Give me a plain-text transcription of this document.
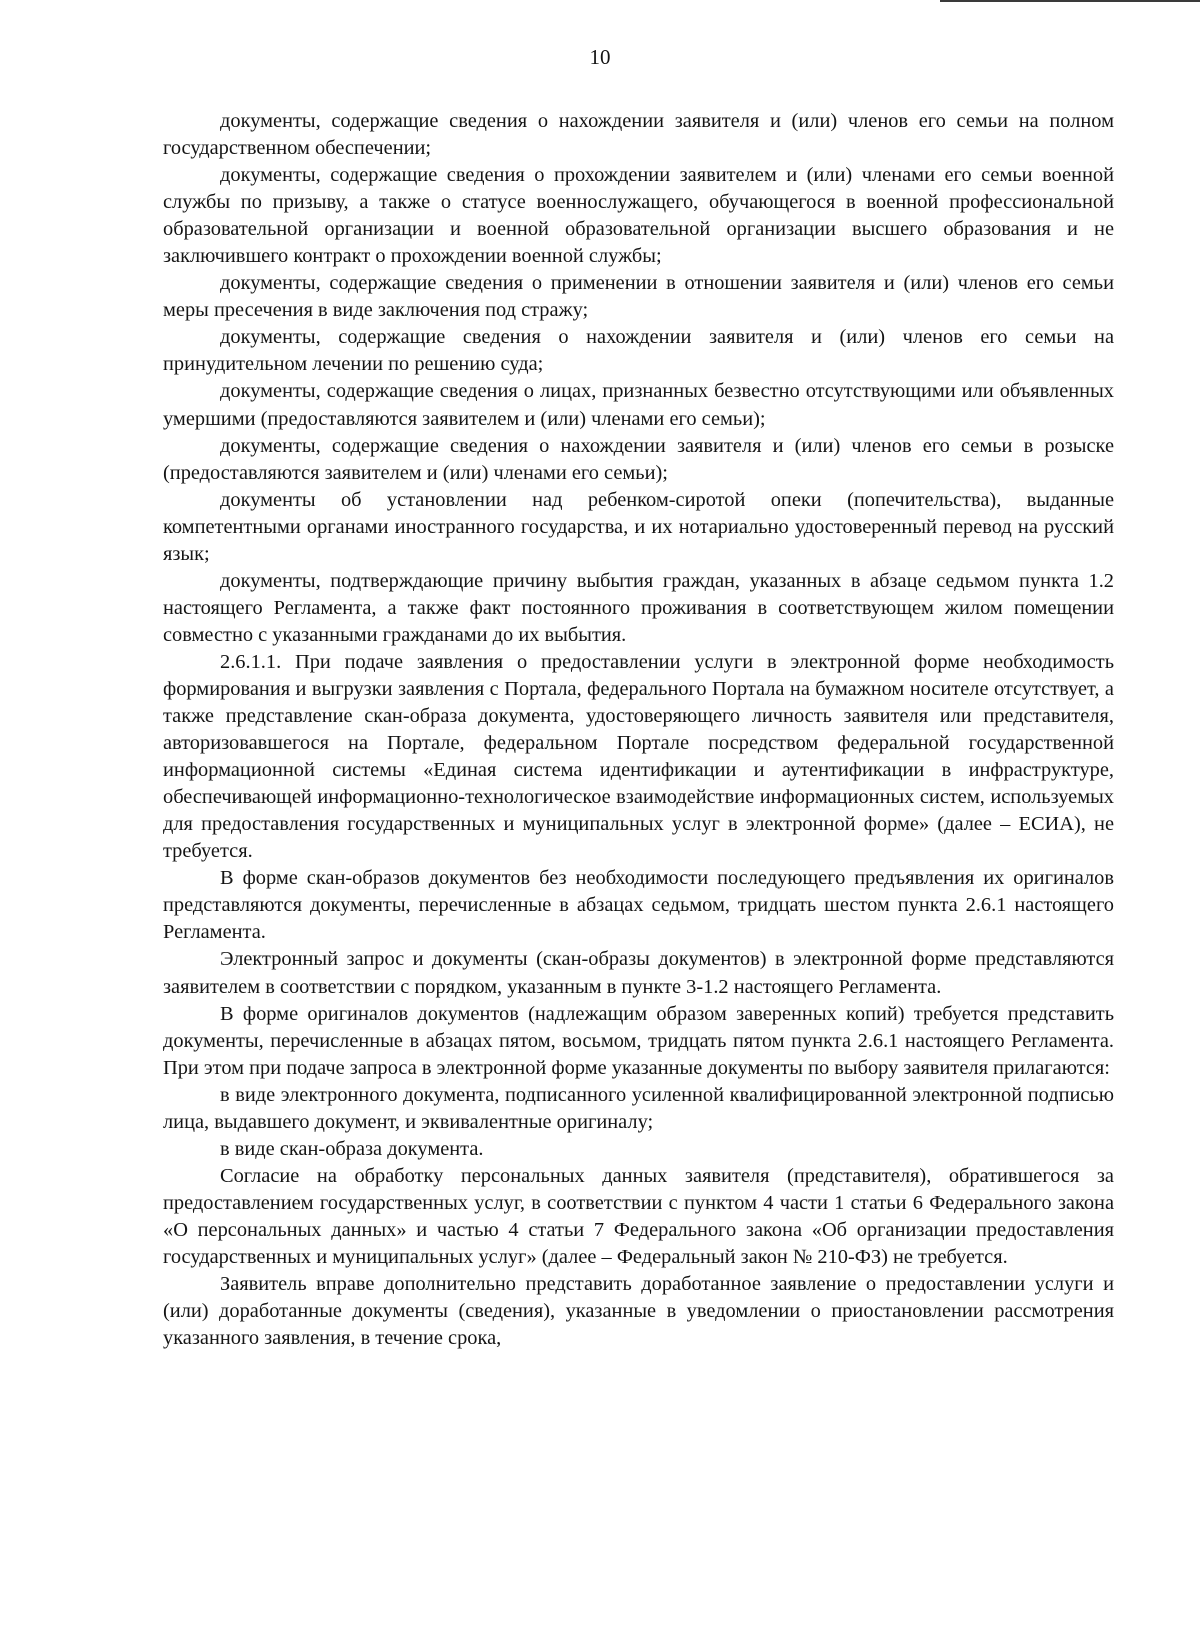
10

документы, содержащие сведения о нахождении заявителя и (или) членов его семьи на полном государственном обеспечении;

документы, содержащие сведения о прохождении заявителем и (или) членами его семьи военной службы по призыву, а также о статусе военнослужащего, обучающегося в военной профессиональной образовательной организации и военной образовательной организации высшего образования и не заключившего контракт о прохождении военной службы;

документы, содержащие сведения о применении в отношении заявителя и (или) членов его семьи меры пресечения в виде заключения под стражу;

документы, содержащие сведения о нахождении заявителя и (или) членов его семьи на принудительном лечении по решению суда;

документы, содержащие сведения о лицах, признанных безвестно отсутствующими или объявленных умершими (предоставляются заявителем и (или) членами его семьи);

документы, содержащие сведения о нахождении заявителя и (или) членов его семьи в розыске (предоставляются заявителем и (или) членами его семьи);

документы об установлении над ребенком-сиротой опеки (попечительства), выданные компетентными органами иностранного государства, и их нотариально удостоверенный перевод на русский язык;

документы, подтверждающие причину выбытия граждан, указанных в абзаце седьмом пункта 1.2 настоящего Регламента, а также факт постоянного проживания в соответствующем жилом помещении совместно с указанными гражданами до их выбытия.

2.6.1.1. При подаче заявления о предоставлении услуги в электронной форме необходимость формирования и выгрузки заявления с Портала, федерального Портала на бумажном носителе отсутствует, а также представление скан-образа документа, удостоверяющего личность заявителя или представителя, авторизовавшегося на Портале, федеральном Портале посредством федеральной государственной информационной системы «Единая система идентификации и аутентификации в инфраструктуре, обеспечивающей информационно-технологическое взаимодействие информационных систем, используемых для предоставления государственных и муниципальных услуг в электронной форме» (далее – ЕСИА), не требуется.

В форме скан-образов документов без необходимости последующего предъявления их оригиналов представляются документы, перечисленные в абзацах седьмом, тридцать шестом пункта 2.6.1 настоящего Регламента.

Электронный запрос и документы (скан-образы документов) в электронной форме представляются заявителем в соответствии с порядком, указанным в пункте 3-1.2 настоящего Регламента.

В форме оригиналов документов (надлежащим образом заверенных копий) требуется представить документы, перечисленные в абзацах пятом, восьмом, тридцать пятом пункта 2.6.1 настоящего Регламента. При этом при подаче запроса в электронной форме указанные документы по выбору заявителя прилагаются:

в виде электронного документа, подписанного усиленной квалифицированной электронной подписью лица, выдавшего документ, и эквивалентные оригиналу;

в виде скан-образа документа.

Согласие на обработку персональных данных заявителя (представителя), обратившегося за предоставлением государственных услуг, в соответствии с пунктом 4 части 1 статьи 6 Федерального закона «О персональных данных» и частью 4 статьи 7 Федерального закона «Об организации предоставления государственных и муниципальных услуг» (далее – Федеральный закон № 210-ФЗ) не требуется.

Заявитель вправе дополнительно представить доработанное заявление о предоставлении услуги и (или) доработанные документы (сведения), указанные в уведомлении о приостановлении рассмотрения указанного заявления, в течение срока,
